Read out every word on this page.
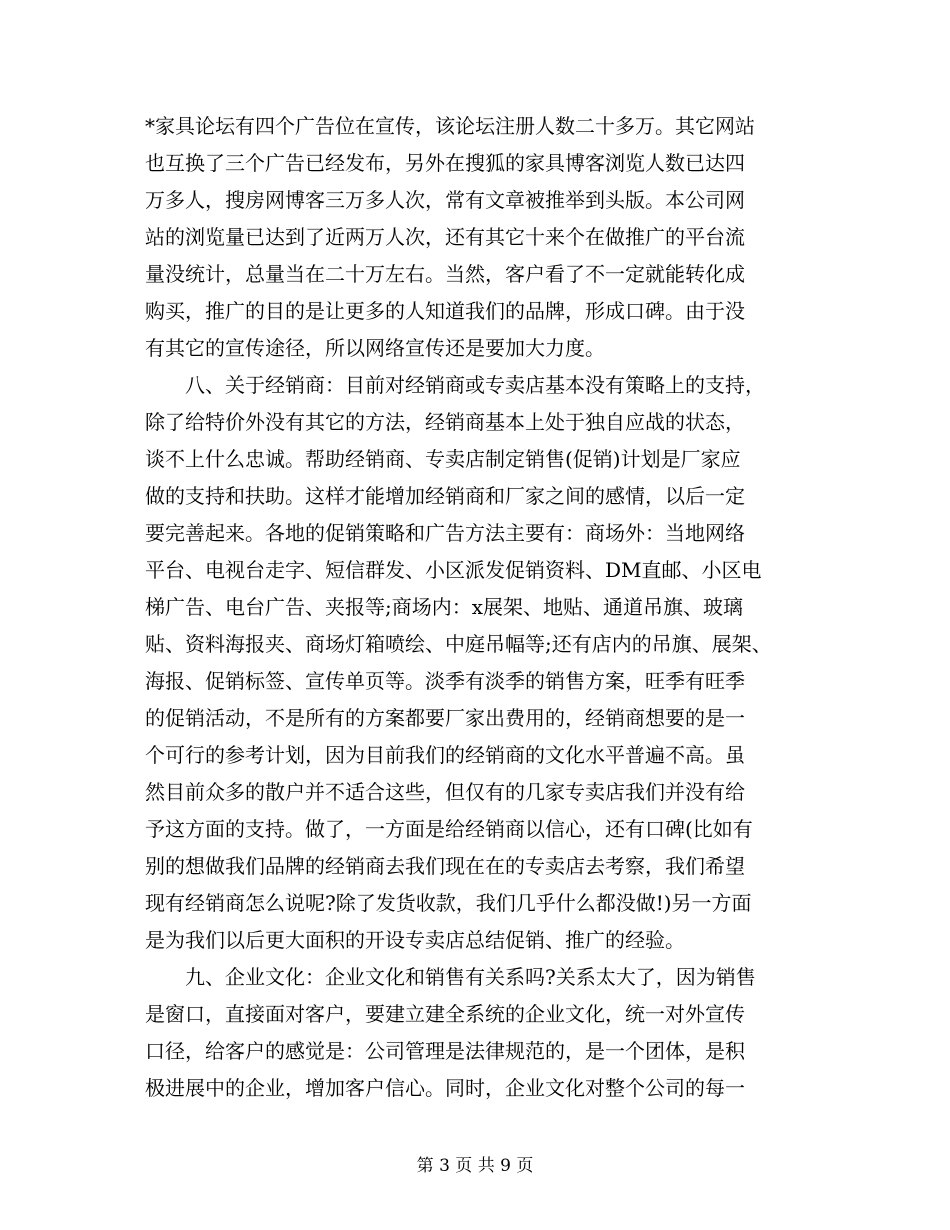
*家具论坛有四个广告位在宣传，该论坛注册人数二十多万。其它网站
也互换了三个广告已经发布，另外在搜狐的家具博客浏览人数已达四
万多人，搜房网博客三万多人次，常有文章被推举到头版。本公司网
站的浏览量已达到了近两万人次，还有其它十来个在做推广的平台流
量没统计，总量当在二十万左右。当然，客户看了不一定就能转化成
购买，推广的目的是让更多的人知道我们的品牌，形成口碑。由于没
有其它的宣传途径，所以网络宣传还是要加大力度。
　　八、关于经销商：目前对经销商或专卖店基本没有策略上的支持，
除了给特价外没有其它的方法，经销商基本上处于独自应战的状态，
谈不上什么忠诚。帮助经销商、专卖店制定销售(促销)计划是厂家应
做的支持和扶助。这样才能增加经销商和厂家之间的感情，以后一定
要完善起来。各地的促销策略和广告方法主要有：商场外：当地网络
平台、电视台走字、短信群发、小区派发促销资料、DM直邮、小区电
梯广告、电台广告、夹报等;商场内：x展架、地贴、通道吊旗、玻璃
贴、资料海报夹、商场灯箱喷绘、中庭吊幅等;还有店内的吊旗、展架、
海报、促销标签、宣传单页等。淡季有淡季的销售方案，旺季有旺季
的促销活动，不是所有的方案都要厂家出费用的，经销商想要的是一
个可行的参考计划，因为目前我们的经销商的文化水平普遍不高。虽
然目前众多的散户并不适合这些，但仅有的几家专卖店我们并没有给
予这方面的支持。做了，一方面是给经销商以信心，还有口碑(比如有
别的想做我们品牌的经销商去我们现在在的专卖店去考察，我们希望
现有经销商怎么说呢?除了发货收款，我们几乎什么都没做!)另一方面
是为我们以后更大面积的开设专卖店总结促销、推广的经验。
　　九、企业文化：企业文化和销售有关系吗?关系太大了，因为销售
是窗口，直接面对客户，要建立建全系统的企业文化，统一对外宣传
口径，给客户的感觉是：公司管理是法律规范的，是一个团体，是积
极进展中的企业，增加客户信心。同时，企业文化对整个公司的每一
第 3 页 共 9 页
